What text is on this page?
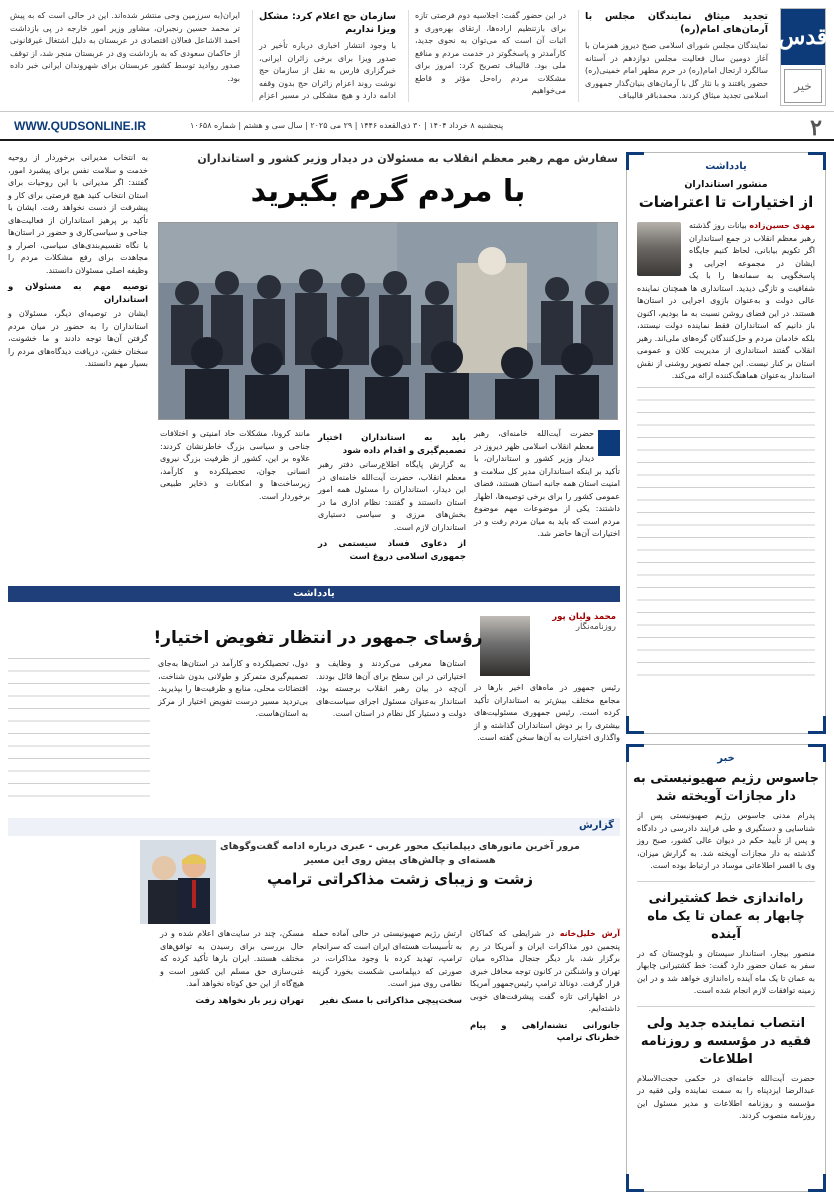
قدس
خیر
تجدید میثاق نمایندگان مجلس با آرمان‌های امام(ره)

نمایندگان مجلس شورای اسلامی صبح دیروز همزمان با آغاز دومین سال فعالیت مجلس دوازدهم در آستانه سالگرد ارتحال امام(ره) در حرم مطهر امام خمینی(ره) حضور یافتند و با نثار گل با آرمان‌های بنیان‌گذار جمهوری اسلامی تجدید میثاق کردند. محمدباقر قالیباف

در این حضور گفت: اجلاسیه دوم فرصتی تازه برای بازتنظیم اراده‌ها، ارتقای بهره‌وری و اثبات آن است که می‌توان به نحوی جدید، کارآمدتر و پاسخگوتر در خدمت مردم و منافع ملی بود. قالیباف تصریح کرد: امروز برای مشکلات مردم راه‌حل مؤثر و قاطع می‌خواهیم

سازمان حج اعلام کرد: مشکل ویزا نداریم

با وجود انتشار اخباری درباره تأخیر در صدور ویزا برای برخی زائران ایرانی، خبرگزاری فارس به نقل از سازمان حج نوشت روند اعزام زائران حج بدون وقفه ادامه دارد و هیچ مشکلی در مسیر اعزام

ایران(به سرزمین وحی منتشر شده‌اند. این در حالی است که به پیش تر محمد حسین رنجبران، مشاور وزیر امور خارجه در پی بازداشت احمد الاشاعل فعالان اقتصادی در عربستان به دلیل اشتغال غیرقانونی از حاکمان سعودی که به بازداشت وی در عربستان منجر شد، از توقف صدور روادید توسط کشور عربستان برای شهروندان ایرانی خبر داده بود.

۲
پنجشنبه ۸ خرداد ۱۴۰۴ | ۳۰ ذی‌القعده ۱۴۴۶ | ۲۹ می ۲۰۲۵ | سال سی و هشتم | شماره ۱۰۶۵۸
WWW.QUDSONLINE.IR
یادداشت
منشور استانداران
از اختیارات تا اعتراضات
مهدی حسین‌زاده بیانات روز گذشته رهبر معظم انقلاب در جمع استانداران اگر تکویم بیابانی، لحاظ کنیم جایگاه ایشان در مجموعه اجرایی و پاسخگویی به سمانه‌ها را با یک شفافیت و تازگی دیدید. استانداری ها همچنان نماینده عالی دولت و به‌عنوان بازوی اجرایی در استان‌ها هستند. در این فضای روشن نسبت به ما بودیم، اکنون باز دانیم که استانداران فقط نماینده دولت نیستند، بلکه خادمان مردم و حل‌کنندگان گره‌های ملی‌اند. رهبر انقلاب گفتند استانداری از مدیریت کلان و عمومی استان بر کنار نیست. این جمله تصویر روشنی از نقش استاندار به‌عنوان هماهنگ‌کننده ارائه می‌کند.
خبر
جاسوس رژیم صهیونیستی به دار مجازات آویخته شد
پدرام مدنی جاسوس رژیم صهیونیستی پس از شناسایی و دستگیری و طی فرایند دادرسی در دادگاه و پس از تأیید حکم در دیوان عالی کشور، صبح روز گذشته به دار مجازات آویخته شد. به گزارش میزان، وی با افسر اطلاعاتی موساد در ارتباط بوده است.
راه‌اندازی خط کشتیرانی چابهار به عمان تا یک ماه آینده
منصور بیجار، استاندار سیستان و بلوچستان که در سفر به عمان حضور دارد گفت: خط کشتیرانی چابهار به عمان تا یک ماه آینده راه‌اندازی خواهد شد و در این زمینه توافقات لازم انجام شده است.
انتصاب نماینده جدید ولی فقیه در مؤسسه و روزنامه اطلاعات
حضرت آیت‌الله خامنه‌ای در حکمی حجت‌الاسلام عبدالرضا ایزدپناه را به سمت نماینده ولی فقیه در مؤسسه و روزنامه اطلاعات و مدیر مسئول این روزنامه منصوب کردند.
سفارش مهم رهبر معظم انقلاب به مسئولان در دیدار وزیر کشور و استانداران
با مردم گرم بگیرید

به انتخاب مدیرانی برخوردار از روحیه خدمت و سلامت نفس برای پیشبرد امور، گفتند: اگر مدیرانی با این روحیات برای استان انتخاب کنید هیچ فرصتی برای کار و پیشرفت از دست نخواهد رفت. ایشان با تأکید بر پرهیز استانداران از فعالیت‌های جناحی و سیاسی‌کاری و حضور در استان‌ها با نگاه تقسیم‌بندی‌های سیاسی، اصرار و مجاهدت برای رفع مشکلات مردم را وظیفه اصلی مسئولان دانستند.

توصیه مهم به مسئولان و استانداران

ایشان در توصیه‌ای دیگر، مسئولان و استانداران را به حضور در میان مردم گرفتن آن‌ها توجه دادند و ما خشونت، سخنان خشن، دریافت دیدگاه‌های مردم را بسیار مهم دانستند.

حضرت آیت‌الله خامنه‌ای، رهبر معظم انقلاب اسلامی ظهر دیروز در دیدار وزیر کشور و استانداران، با تأکید بر اینکه استانداران مدیر کل سلامت و امنیت استان همه جانبه استان هستند، فضای عمومی کشور را برای برخی توصیه‌ها، اظهار داشتند: یکی از موضوعات مهم موضوع مردم است که باید به میان مردم رفت و در اختیارات آن‌ها حاضر شد.

باید به استانداران اختیار تصمیم‌گیری و اقدام داده شود

به گزارش پایگاه اطلاع‌رسانی دفتر رهبر معظم انقلاب، حضرت آیت‌الله خامنه‌ای در این دیدار، استانداران را مسئول همه امور استان دانستند و گفتند: نظام اداری ما در بخش‌های مرزی و سیاسی دستیاری استانداران لازم است.

از دعاوی فساد سیستمی در جمهوری اسلامی دروغ است

مانند کرونا، مشکلات حاد امنیتی و اختلافات جناحی و سیاسی بزرگ خاطرنشان کردند: علاوه بر این، کشور از ظرفیت بزرگ نیروی انسانی جوان، تحصیلکرده و کارآمد، زیرساخت‌ها و امکانات و ذخایر طبیعی برخوردار است.

یادداشت
محمد وليان پور روزنامه‌نگار
رؤسای جمهور در انتظار تفویض اختیار!

رئیس جمهور در ماه‌های اخیر بارها در مجامع مختلف بیش‌تر به استانداران تأکید کرده است. رئیس جمهوری مسئولیت‌های بیشتری را بر دوش استانداران گذاشته و از واگذاری اختیارات به آن‌ها سخن گفته است.

استان‌ها معرفی می‌کردند و وظایف و اختیاراتی در این سطح برای آن‌ها قائل بودند. آن‌چه در بیان رهبر انقلاب برجسته بود، استاندار به‌عنوان مسئول اجرای سیاست‌های دولت و دستیار کل نظام در استان است.

دول، تحصیلکرده و کارآمد در استان‌ها به‌جای تصمیم‌گیری متمرکز و طولانی بدون شناخت، اقتضائات محلی، منابع و ظرفیت‌ها را بپذیرید. بی‌تردید مسیر درست تفویض اختیار از مرکز به استان‌هاست.

گزارش
مرور آخرین مانورهای دیپلماتیک محور غربی - عبری درباره ادامه گفت‌وگوهای هسته‌ای و چالش‌های پیش روی این مسیر
زشت و زیبای زشت مذاکراتی ترامپ

آرش خلیل‌خانه در شرایطی که کماکان پنجمین دور مذاکرات ایران و آمریکا در رم برگزار شد، بار دیگر جنجال مذاکره میان تهران و واشنگتن در کانون توجه محافل خبری قرار گرفت. دونالد ترامپ رئیس‌جمهور آمریکا در اظهاراتی تازه گفت پیشرفت‌های خوبی داشته‌ایم.

جانورانی تشنه‌اراهی و پیام خطرناک ترامپ

ارتش رژیم صهیونیستی در حالی آماده حمله به تأسیسات هسته‌ای ایران است که سرانجام ترامپ، تهدید کرده با وجود مذاکرات، در صورتی که دیپلماسی شکست بخورد گزینه نظامی روی میز است.

سخت‌پیچی مذاکراتی با مسک نفیر

مسکن، چند در سایت‌های اعلام شده و در حال بررسی برای رسیدن به توافق‌های مختلف هستند. ایران بارها تأکید کرده که غنی‌سازی حق مسلم این کشور است و هیچ‌گاه از این حق کوتاه نخواهد آمد.

تهران زیر بار نخواهد رفت
